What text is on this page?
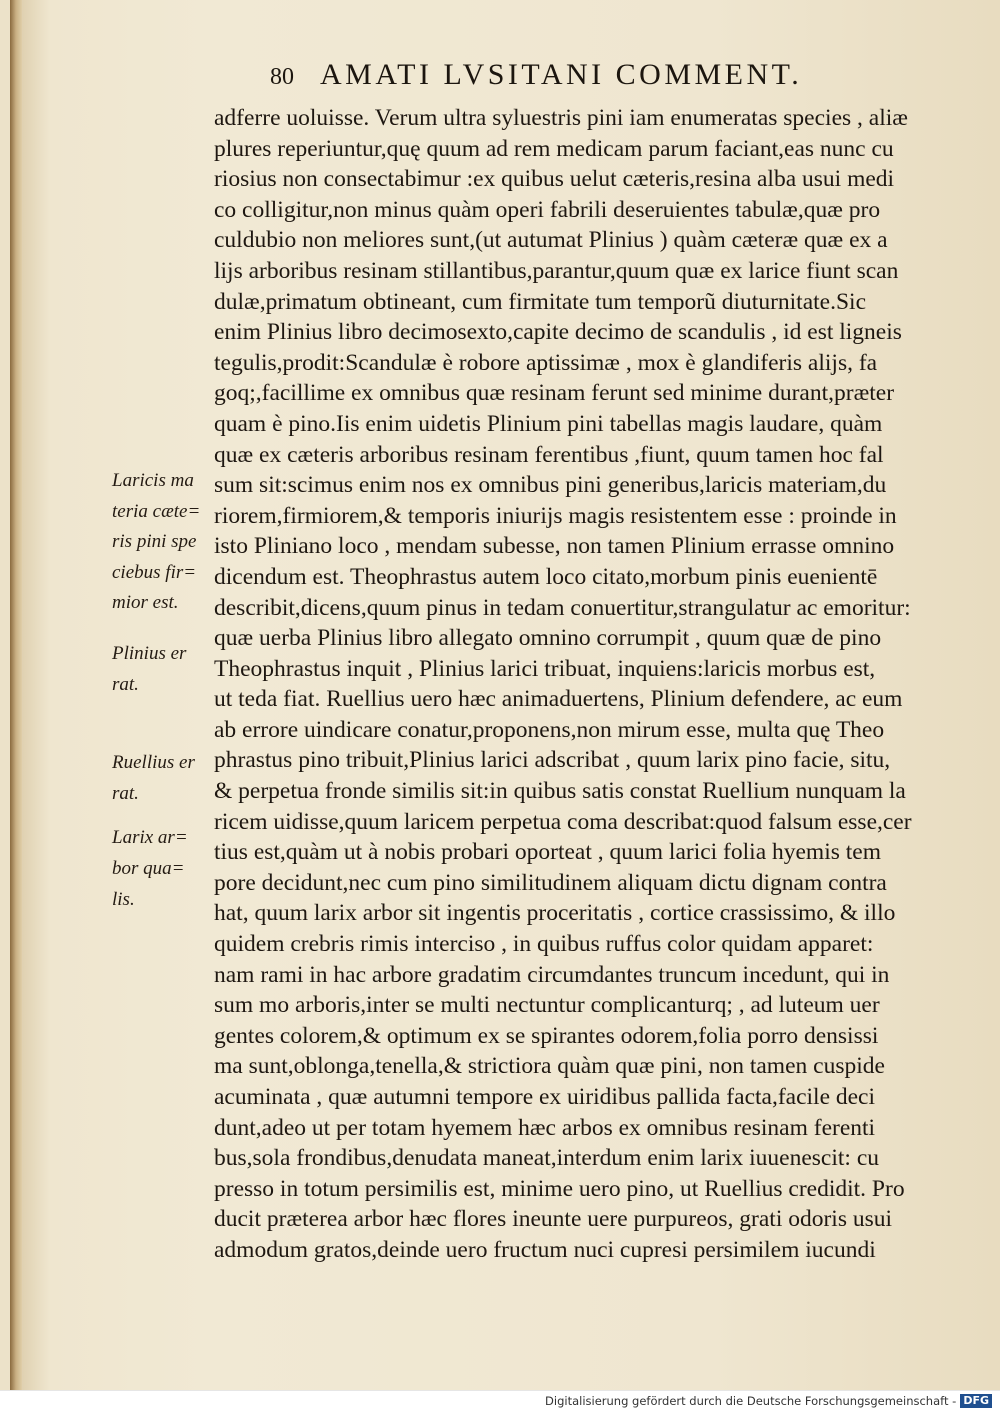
80 AMATI LVSITANI COMMENT.
adferre uoluisse. Verum ultra syluestris pini iam enumeratas species , aliæ
plures reperiuntur,quę quum ad rem medicam parum faciant,eas nunc cu
riosius non consectabimur :ex quibus uelut cæteris,resina alba usui medi
co colligitur,non minus quàm operi fabrili deseruientes tabulæ,quæ pro
culdubio non meliores sunt,(ut autumat Plinius ) quàm cæteræ quæ ex a
lijs arboribus resinam stillantibus,parantur,quum quæ ex larice fiunt scan
dulæ,primatum obtineant, cum firmitate tum temporũ diuturnitate.Sic
enim Plinius libro decimosexto,capite decimo de scandulis , id est ligneis
tegulis,prodit:Scandulæ è robore aptissimæ , mox è glandiferis alijs, fa
goq;,facillime ex omnibus quæ resinam ferunt sed minime durant,præter
quam è pino.Iis enim uidetis Plinium pini tabellas magis laudare, quàm
quæ ex cæteris arboribus resinam ferentibus ,fiunt, quum tamen hoc fal
sum sit:scimus enim nos ex omnibus pini generibus,laricis materiam,du
riorem,firmiorem,& temporis iniurijs magis resistentem esse : proinde in
isto Pliniano loco , mendam subesse, non tamen Plinium errasse omnino
dicendum est. Theophrastus autem loco citato,morbum pinis euenientē
describit,dicens,quum pinus in tedam conuertitur,strangulatur ac emoritur:
quæ uerba Plinius libro allegato omnino corrumpit , quum quæ de pino
Theophrastus inquit , Plinius larici tribuat, inquiens:laricis morbus est,
ut teda fiat. Ruellius uero hæc animaduertens, Plinium defendere, ac eum
ab errore uindicare conatur,proponens,non mirum esse, multa quę Theo
phrastus pino tribuit,Plinius larici adscribat , quum larix pino facie, situ,
& perpetua fronde similis sit:in quibus satis constat Ruellium nunquam la
ricem uidisse,quum laricem perpetua coma describat:quod falsum esse,cer
tius est,quàm ut à nobis probari oporteat , quum larici folia hyemis tem
pore decidunt,nec cum pino similitudinem aliquam dictu dignam contra
hat, quum larix arbor sit ingentis proceritatis , cortice crassissimo, & illo
quidem crebris rimis interciso , in quibus ruffus color quidam apparet:
nam rami in hac arbore gradatim circumdantes truncum incedunt, qui in
sum mo arboris,inter se multi nectuntur complicanturq; , ad luteum uer
gentes colorem,& optimum ex se spirantes odorem,folia porro densissi
ma sunt,oblonga,tenella,& strictiora quàm quæ pini, non tamen cuspide
acuminata , quæ autumni tempore ex uiridibus pallida facta,facile deci
dunt,adeo ut per totam hyemem hæc arbos ex omnibus resinam ferenti
bus,sola frondibus,denudata maneat,interdum enim larix iuuenescit: cu
presso in totum persimilis est, minime uero pino, ut Ruellius credidit. Pro
ducit præterea arbor hæc flores ineunte uere purpureos, grati odoris usui
admodum gratos,deinde uero fructum nuci cupresi persimilem iucundi
Laricis ma
teria cæte=
ris pini spe
ciebus fir=
mior est.
Plinius er
rat.
Ruellius er
rat.
Larix ar=
bor qua=
lis.
Digitalisierung gefördert durch die Deutsche Forschungsgemeinschaft - DFG
